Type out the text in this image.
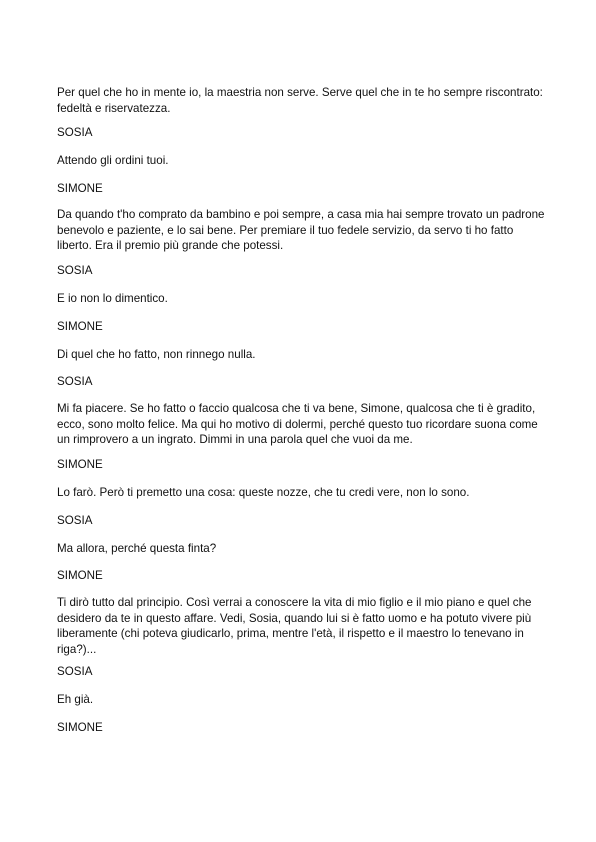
Per quel che ho in mente io, la maestria non serve. Serve quel che in te ho sempre riscontrato: fedeltà e riservatezza.

SOSIA

Attendo gli ordini tuoi.

SIMONE

Da quando t'ho comprato da bambino e poi sempre, a casa mia hai sempre trovato un padrone benevolo e paziente, e lo sai bene. Per premiare il tuo fedele servizio, da servo ti ho fatto liberto. Era il premio più grande che potessi.

SOSIA

E io non lo dimentico.

SIMONE

Di quel che ho fatto, non rinnego nulla.

SOSIA

Mi fa piacere. Se ho fatto o faccio qualcosa che ti va bene, Simone, qualcosa che ti è gradito, ecco, sono molto felice. Ma qui ho motivo di dolermi, perché questo tuo ricordare suona come un rimprovero a un ingrato. Dimmi in una parola quel che vuoi da me.

SIMONE

Lo farò. Però ti premetto una cosa: queste nozze, che tu credi vere, non lo sono.

SOSIA

Ma allora, perché questa finta?

SIMONE

Ti dirò tutto dal principio. Così verrai a conoscere la vita di mio figlio e il mio piano e quel che desidero da te in questo affare. Vedi, Sosia, quando lui si è fatto uomo e ha potuto vivere più liberamente (chi poteva giudicarlo, prima, mentre l'età, il rispetto e il maestro lo tenevano in riga?)...

SOSIA

Eh già.

SIMONE
